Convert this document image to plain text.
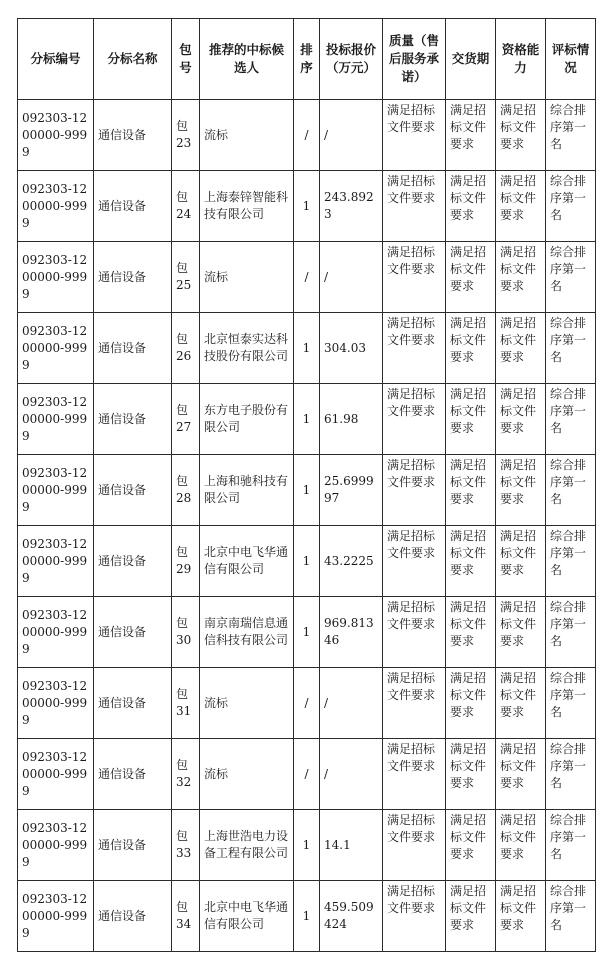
分标编号	分标名称	包号	推荐的中标候选人	排序	投标报价（万元）	质量（售后服务承诺）	交货期	资格能力	评标情况
092303-1200000-9999	通信设备	包23	流标	/	/	满足招标文件要求	满足招标文件要求	满足招标文件要求	综合排序第一名
092303-1200000-9999	通信设备	包24	上海泰锌智能科技有限公司	1	243.8923	满足招标文件要求	满足招标文件要求	满足招标文件要求	综合排序第一名
092303-1200000-9999	通信设备	包25	流标	/	/	满足招标文件要求	满足招标文件要求	满足招标文件要求	综合排序第一名
092303-1200000-9999	通信设备	包26	北京恒泰实达科技股份有限公司	1	304.03	满足招标文件要求	满足招标文件要求	满足招标文件要求	综合排序第一名
092303-1200000-9999	通信设备	包27	东方电子股份有限公司	1	61.98	满足招标文件要求	满足招标文件要求	满足招标文件要求	综合排序第一名
092303-1200000-9999	通信设备	包28	上海和驰科技有限公司	1	25.699997	满足招标文件要求	满足招标文件要求	满足招标文件要求	综合排序第一名
092303-1200000-9999	通信设备	包29	北京中电飞华通信有限公司	1	43.2225	满足招标文件要求	满足招标文件要求	满足招标文件要求	综合排序第一名
092303-1200000-9999	通信设备	包30	南京南瑞信息通信科技有限公司	1	969.81346	满足招标文件要求	满足招标文件要求	满足招标文件要求	综合排序第一名
092303-1200000-9999	通信设备	包31	流标	/	/	满足招标文件要求	满足招标文件要求	满足招标文件要求	综合排序第一名
092303-1200000-9999	通信设备	包32	流标	/	/	满足招标文件要求	满足招标文件要求	满足招标文件要求	综合排序第一名
092303-1200000-9999	通信设备	包33	上海世浩电力设备工程有限公司	1	14.1	满足招标文件要求	满足招标文件要求	满足招标文件要求	综合排序第一名
092303-1200000-9999	通信设备	包34	北京中电飞华通信有限公司	1	459.509424	满足招标文件要求	满足招标文件要求	满足招标文件要求	综合排序第一名
